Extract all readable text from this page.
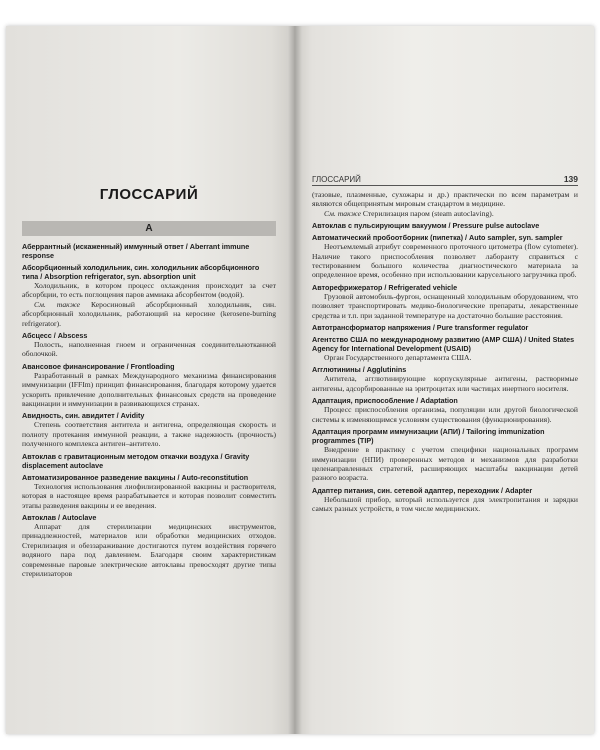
ГЛОССАРИЙ
А
Аберрантный (искаженный) иммунный ответ / Aberrant immune response
Абсорбционный холодильник, син. холодильник абсорбционного типа / Absorption refrigerator, syn. absorption unit
Холодильник, в котором процесс охлаждения происходит за счет абсорбции, то есть поглощения паров аммиака абсорбентом (водой).
См. также Керосиновый абсорбционный холодильник, син. абсорбционный холодильник, работающий на керосине (kerosene-burning refrigerator).
Абсцесс / Abscess
Полость, наполненная гноем и ограниченная соединительнотканной оболочкой.
Авансовое финансирование / Frontloading
Разработанный в рамках Международного механизма финансирования иммунизации (IFFIm) принцип финансирования, благодаря которому удается ускорить привлечение дополнительных финансовых средств на проведение вакцинации и иммунизации в развивающихся странах.
Авидность, син. авидитет / Avidity
Степень соответствия антитела и антигена, определяющая скорость и полноту протекания иммунной реакции, а также надежность (прочность) полученного комплекса антиген–антитело.
Автоклав с гравитационным методом откачки воздуха / Gravity displacement autoclave
Автоматизированное разведение вакцины / Auto-reconstitution
Технология использования лиофилизированной вакцины и растворителя, которая в настоящее время разрабатывается и которая позволит совместить этапы разведения вакцины и ее введения.
Автоклав / Autoclave
Аппарат для стерилизации медицинских инструментов, принадлежностей, материалов или обработки медицинских отходов. Стерилизация и обеззараживание достигаются путем воздействия горячего водяного пара под давлением. Благодаря своим характеристикам современные паровые электрические автоклавы превосходят другие типы стерилизаторов
ГЛОССАРИЙ	139
(тазовые, плазменные, сухожары и др.) практически по всем параметрам и являются общепринятым мировым стандартом в медицине.
См. также Стерилизация паром (steam autoclaving).
Автоклав с пульсирующим вакуумом / Pressure pulse autoclave
Автоматический пробоотборник (пипетка) / Auto sampler, syn. sampler
Неотъемлемый атрибут современного проточного цитометра (flow cytometer). Наличие такого приспособления позволяет лаборанту справиться с тестированием большого количества диагностического материала за определенное время, особенно при использовании карусельного загрузчика проб.
Авторефрижератор / Refrigerated vehicle
Грузовой автомобиль-фургон, оснащенный холодильным оборудованием, что позволяет транспортировать медико-биологические препараты, лекарственные средства и т.п. при заданной температуре на достаточно большие расстояния.
Автотрансформатор напряжения / Pure transformer regulator
Агентство США по международному развитию (АМР США) / United States Agency for International Development (USAID)
Орган Государственного департамента США.
Агглютинины / Agglutinins
Антитела, агглютинирующие корпускулярные антигены, растворимые антигены, адсорбированные на эритроцитах или частицах инертного носителя.
Адаптация, приспособление / Adaptation
Процесс приспособления организма, популяции или другой биологической системы к изменяющимся условиям существования (функционирования).
Адаптация программ иммунизации (АПИ) / Tailoring immunization programmes (TIP)
Внедрение в практику с учетом специфики национальных программ иммунизации (НПИ) проверенных методов и механизмов для разработки целенаправленных стратегий, расширяющих масштабы вакцинации детей разного возраста.
Адаптер питания, син. сетевой адаптер, переходник / Adapter
Небольшой прибор, который используется для электропитания и зарядки самых разных устройств, в том числе медицинских.
